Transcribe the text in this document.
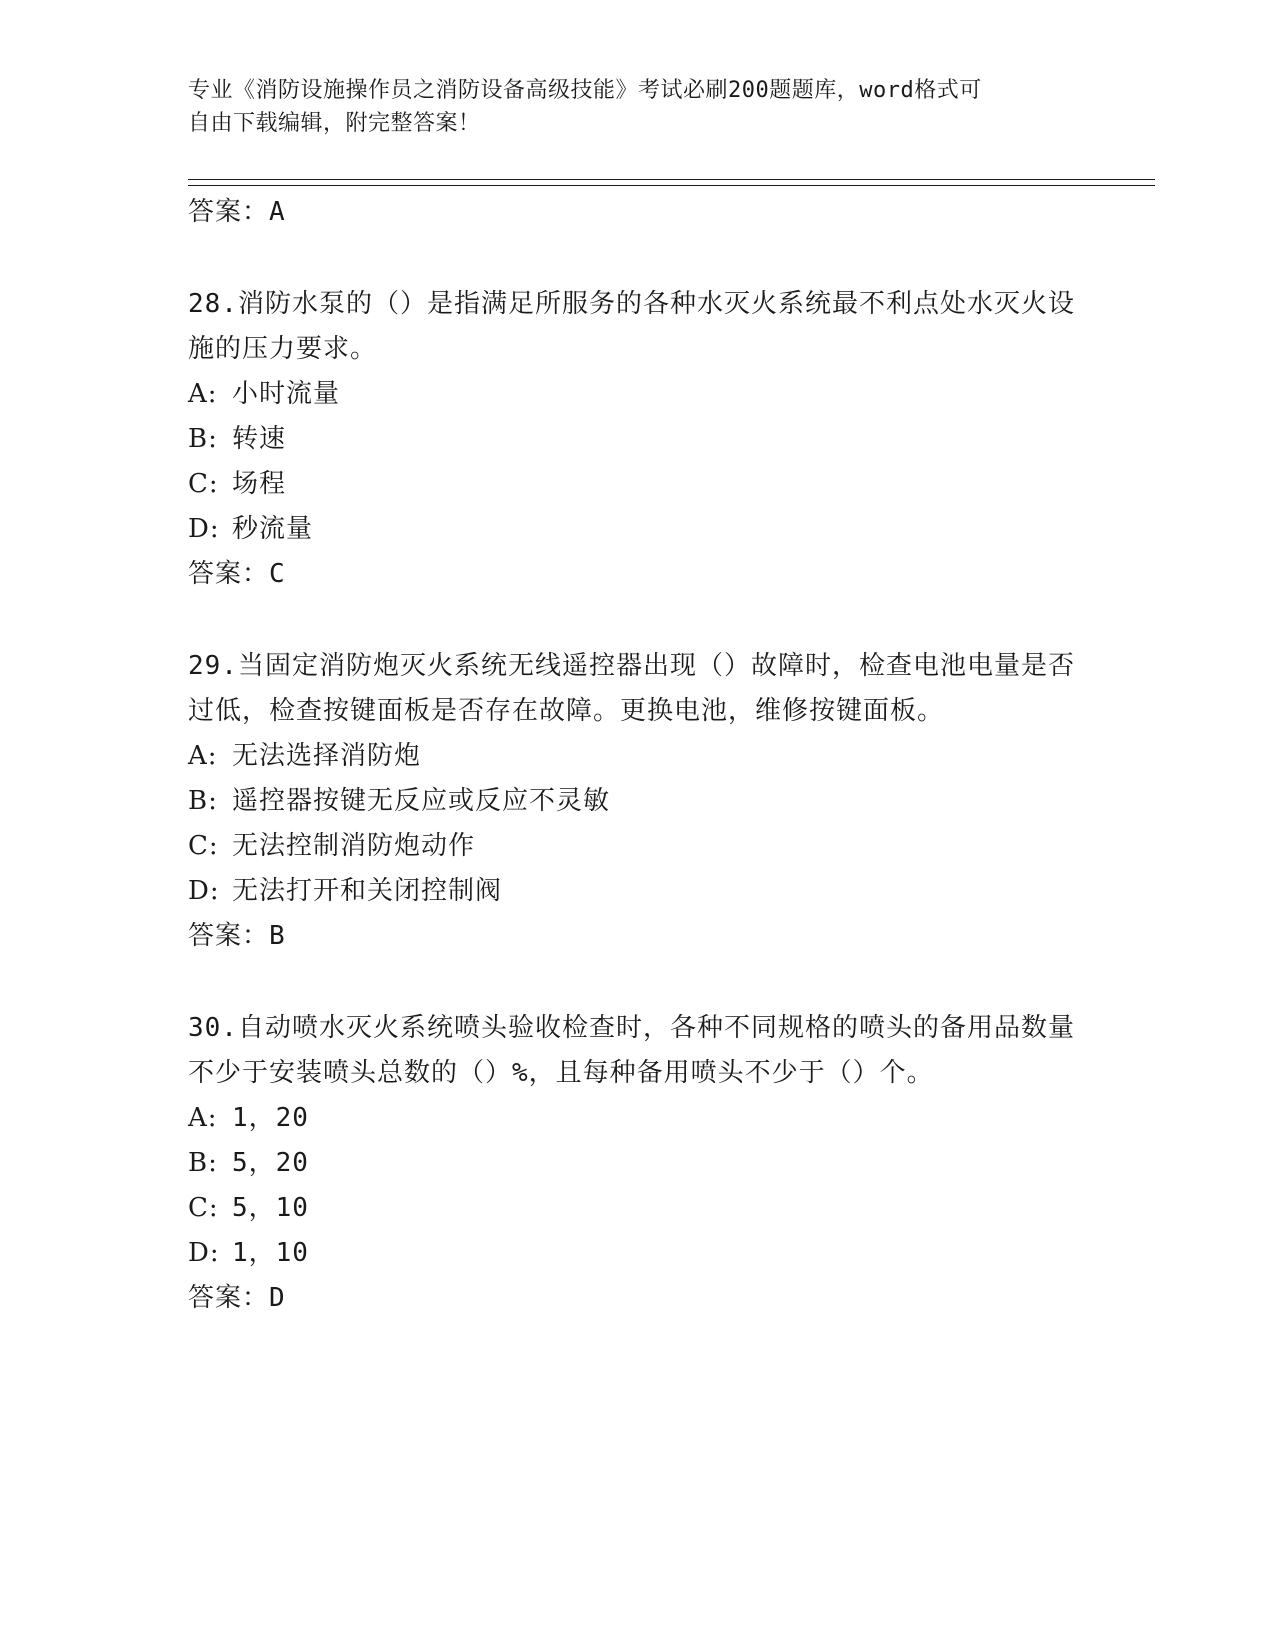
专业《消防设施操作员之消防设备高级技能》考试必刷200题题库，word格式可
自由下载编辑，附完整答案！
答案：A
28.消防水泵的（）是指满足所服务的各种水灭火系统最不利点处水灭火设施的压力要求。
A: 小时流量
B: 转速
C: 场程
D: 秒流量
答案：C
29.当固定消防炮灭火系统无线遥控器出现（）故障时，检查电池电量是否过低，检查按键面板是否存在故障。更换电池，维修按键面板。
A: 无法选择消防炮
B: 遥控器按键无反应或反应不灵敏
C: 无法控制消防炮动作
D: 无法打开和关闭控制阀
答案：B
30.自动喷水灭火系统喷头验收检查时，各种不同规格的喷头的备用品数量不少于安装喷头总数的（）%，且每种备用喷头不少于（）个。
A: 1，20
B: 5，20
C: 5，10
D: 1，10
答案：D
